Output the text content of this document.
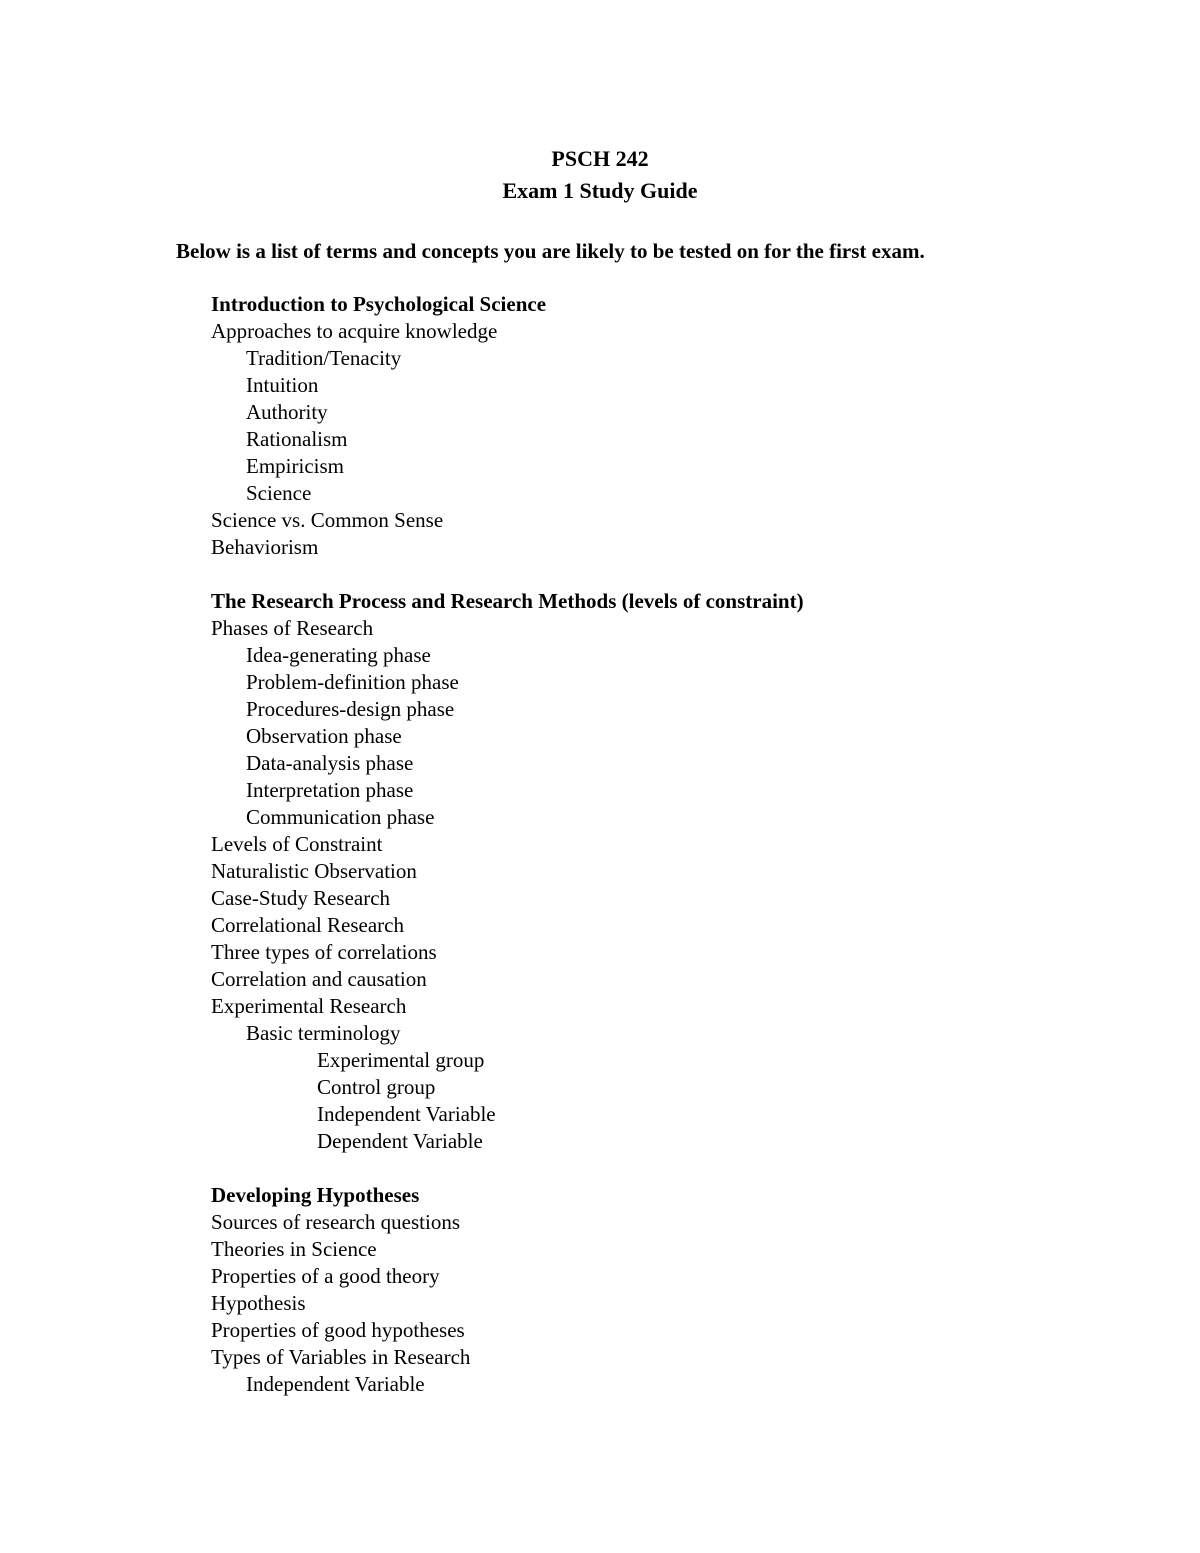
PSCH 242
Exam 1 Study Guide
Below is a list of terms and concepts you are likely to be tested on for the first exam.
Introduction to Psychological Science
Approaches to acquire knowledge
Tradition/Tenacity
Intuition
Authority
Rationalism
Empiricism
Science
Science vs. Common Sense
Behaviorism
The Research Process and Research Methods (levels of constraint)
Phases of Research
Idea-generating phase
Problem-definition phase
Procedures-design phase
Observation phase
Data-analysis phase
Interpretation phase
Communication phase
Levels of Constraint
Naturalistic Observation
Case-Study Research
Correlational Research
Three types of correlations
Correlation and causation
Experimental Research
Basic terminology
Experimental group
Control group
Independent Variable
Dependent Variable
Developing Hypotheses
Sources of research questions
Theories in Science
Properties of a good theory
Hypothesis
Properties of good hypotheses
Types of Variables in Research
Independent Variable
